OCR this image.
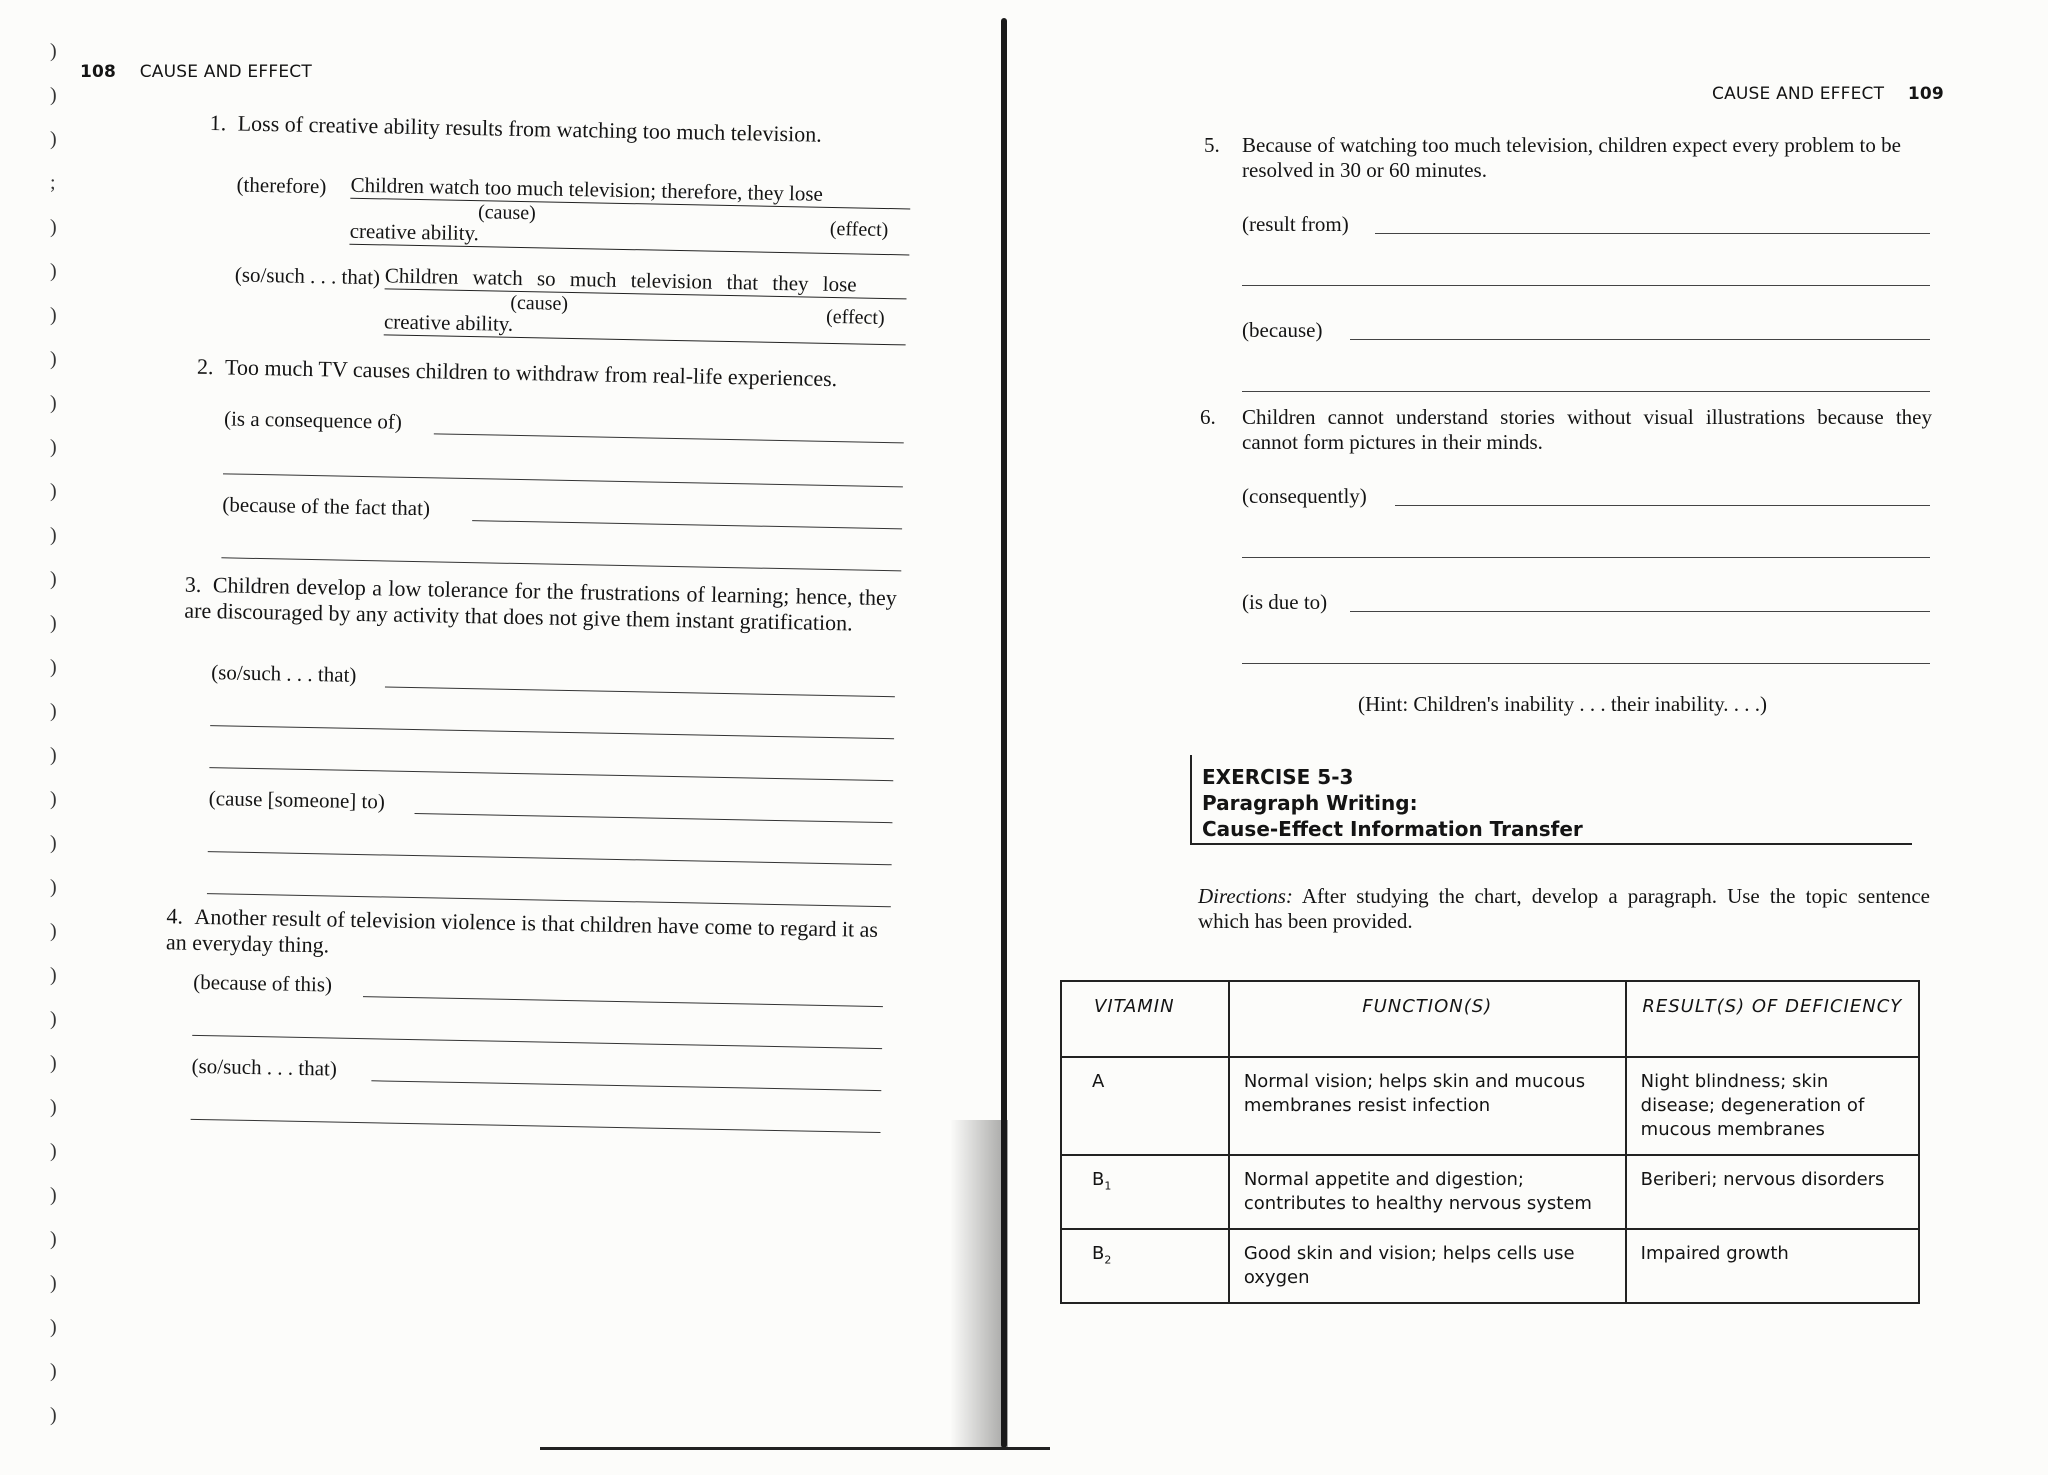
)
)
)
;
)
)
)
)
)
)
)
)
)
)
)
)
)
)
)
)
)
)
)
)
)
)
)
)
)
)
)
)
108 CAUSE AND EFFECT
1. Loss of creative ability results from watching too much television.
(therefore) Children watch too much television; therefore, they lose
(cause)
(effect)
creative ability.
(so/such . . . that) Children watch so much television that they lose
(cause)
(effect)
creative ability.
2. Too much TV causes children to withdraw from real-life experiences.
(is a consequence of)
(because of the fact that)
3. Children develop a low tolerance for the frustrations of learning; hence, they are discouraged by any activity that does not give them instant gratification.
(so/such . . . that)
(cause [someone] to)
4. Another result of television violence is that children have come to regard it as an everyday thing.
(because of this)
(so/such . . . that)
CAUSE AND EFFECT 109
5. Because of watching too much television, children expect every problem to be resolved in 30 or 60 minutes.
(result from)
(because)
6. Children cannot understand stories without visual illustrations because they cannot form pictures in their minds.
(consequently)
(is due to)
(Hint: Children's inability . . . their inability. . . .)
EXERCISE 5-3
Paragraph Writing:
Cause-Effect Information Transfer
Directions: After studying the chart, develop a paragraph. Use the topic sentence which has been provided.
VITAMIN	FUNCTION(S)	RESULT(S) OF DEFICIENCY
A	Normal vision; helps skin and mucous membranes resist infection	Night blindness; skin disease; degeneration of mucous membranes
$B_1$	Normal appetite and digestion; contributes to healthy nervous system	Beriberi; nervous disorders
$B_2$	Good skin and vision; helps cells use oxygen	Impaired growth
